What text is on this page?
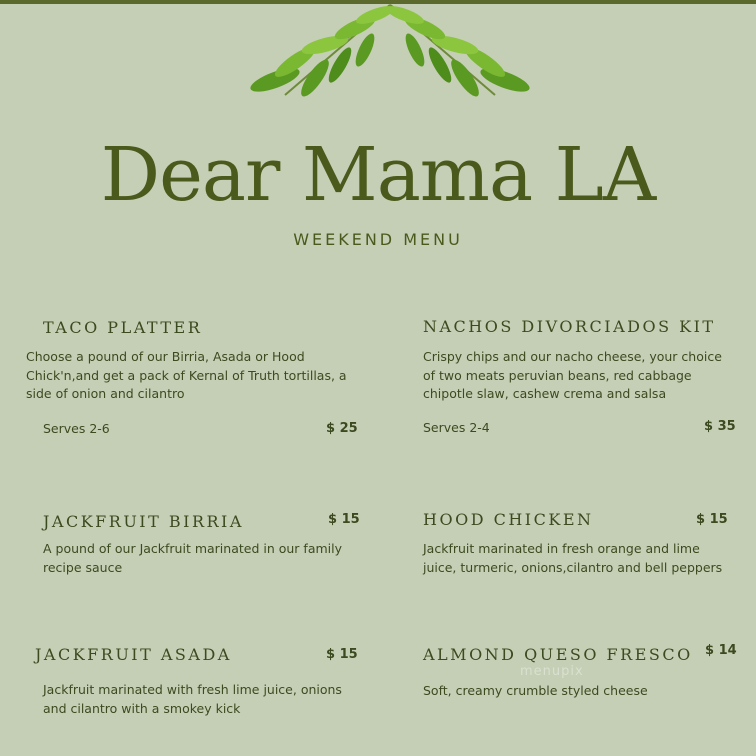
Dear Mama LA
WEEKEND MENU
TACO PLATTER
Choose a pound of our Birria, Asada or Hood Chick'n,and get a pack of Kernal of Truth tortillas, a side of onion and cilantro
Serves 2-6	$ 25
NACHOS DIVORCIADOS KIT
Crispy chips and our nacho cheese, your choice of two meats peruvian beans, red cabbage chipotle slaw, cashew crema and salsa
Serves 2-4	$ 35
JACKFRUIT BIRRIA	$ 15
A pound of our Jackfruit marinated in our family recipe sauce
HOOD CHICKEN	$ 15
Jackfruit marinated in fresh orange and lime juice, turmeric, onions,cilantro and bell peppers
JACKFRUIT ASADA	$ 15
Jackfruit marinated with fresh lime juice, onions and cilantro with a smokey kick
ALMOND QUESO FRESCO $ 14
Soft, creamy crumble styled cheese
menupix
